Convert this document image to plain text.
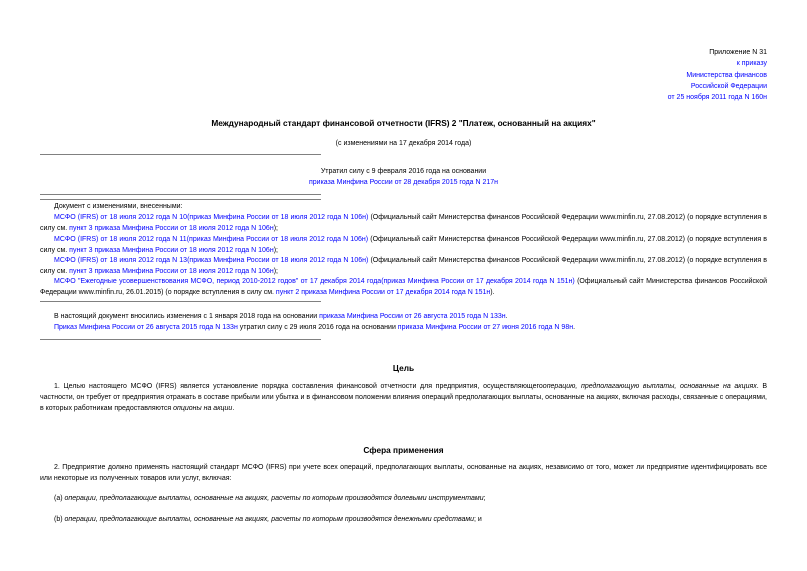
Приложение N 31
к приказу
Министерства финансов
Российской Федерации
от 25 ноября 2011 года N 160н
Международный стандарт финансовой отчетности (IFRS) 2 "Платеж, основанный на акциях"
(с изменениями на 17 декабря 2014 года)
Утратил силу с 9 февраля 2016 года на основании
приказа Минфина России от 28 декабря 2015 года N 217н
Документ с изменениями, внесенными:
МСФО (IFRS) от 18 июля 2012 года N 10(приказ Минфина России от 18 июля 2012 года N 106н) (Официальный сайт Министерства финансов Российской Федерации www.minfin.ru, 27.08.2012) (о порядке вступления в силу см. пункт 3 приказа Минфина России от 18 июля 2012 года N 106н);
МСФО (IFRS) от 18 июля 2012 года N 11(приказ Минфина России от 18 июля 2012 года N 106н) (Официальный сайт Министерства финансов Российской Федерации www.minfin.ru, 27.08.2012) (о порядке вступления в силу см. пункт 3 приказа Минфина России от 18 июля 2012 года N 106н);
МСФО (IFRS) от 18 июля 2012 года N 13(приказ Минфина России от 18 июля 2012 года N 106н) (Официальный сайт Министерства финансов Российской Федерации www.minfin.ru, 27.08.2012) (о порядке вступления в силу см. пункт 3 приказа Минфина России от 18 июля 2012 года N 106н);
МСФО "Ежегодные усовершенствования МСФО, период 2010-2012 годов" от 17 декабря 2014 года(приказ Минфина России от 17 декабря 2014 года N 151н) (Официальный сайт Министерства финансов Российской Федерации www.minfin.ru, 26.01.2015) (о порядке вступления в силу см. пункт 2 приказа Минфина России от 17 декабря 2014 года N 151н).
В настоящий документ вносились изменения с 1 января 2018 года на основании приказа Минфина России от 26 августа 2015 года N 133н.
Приказ Минфина России от 26 августа 2015 года N 133н утратил силу с 29 июля 2016 года на основании приказа Минфина России от 27 июня 2016 года N 98н.
Цель
1. Целью настоящего МСФО (IFRS) является установление порядка составления финансовой отчетности для предприятия, осуществляющегооперацию, предполагающую выплаты, основанные на акциях. В частности, он требует от предприятия отражать в составе прибыли или убытка и в финансовом положении влияния операций предполагающих выплаты, основанные на акциях, включая расходы, связанные с операциями, в которых работникам предоставляются опционы на акции.
Сфера применения
2. Предприятие должно применять настоящий стандарт МСФО (IFRS) при учете всех операций, предполагающих выплаты, основанные на акциях, независимо от того, может ли предприятие идентифицировать все или некоторые из полученных товаров или услуг, включая:
(a) операции, предполагающие выплаты, основанные на акциях, расчеты по которым производятся долевыми инструментами;
(b) операции, предполагающие выплаты, основанные на акциях, расчеты по которым производятся денежными средствами; и
